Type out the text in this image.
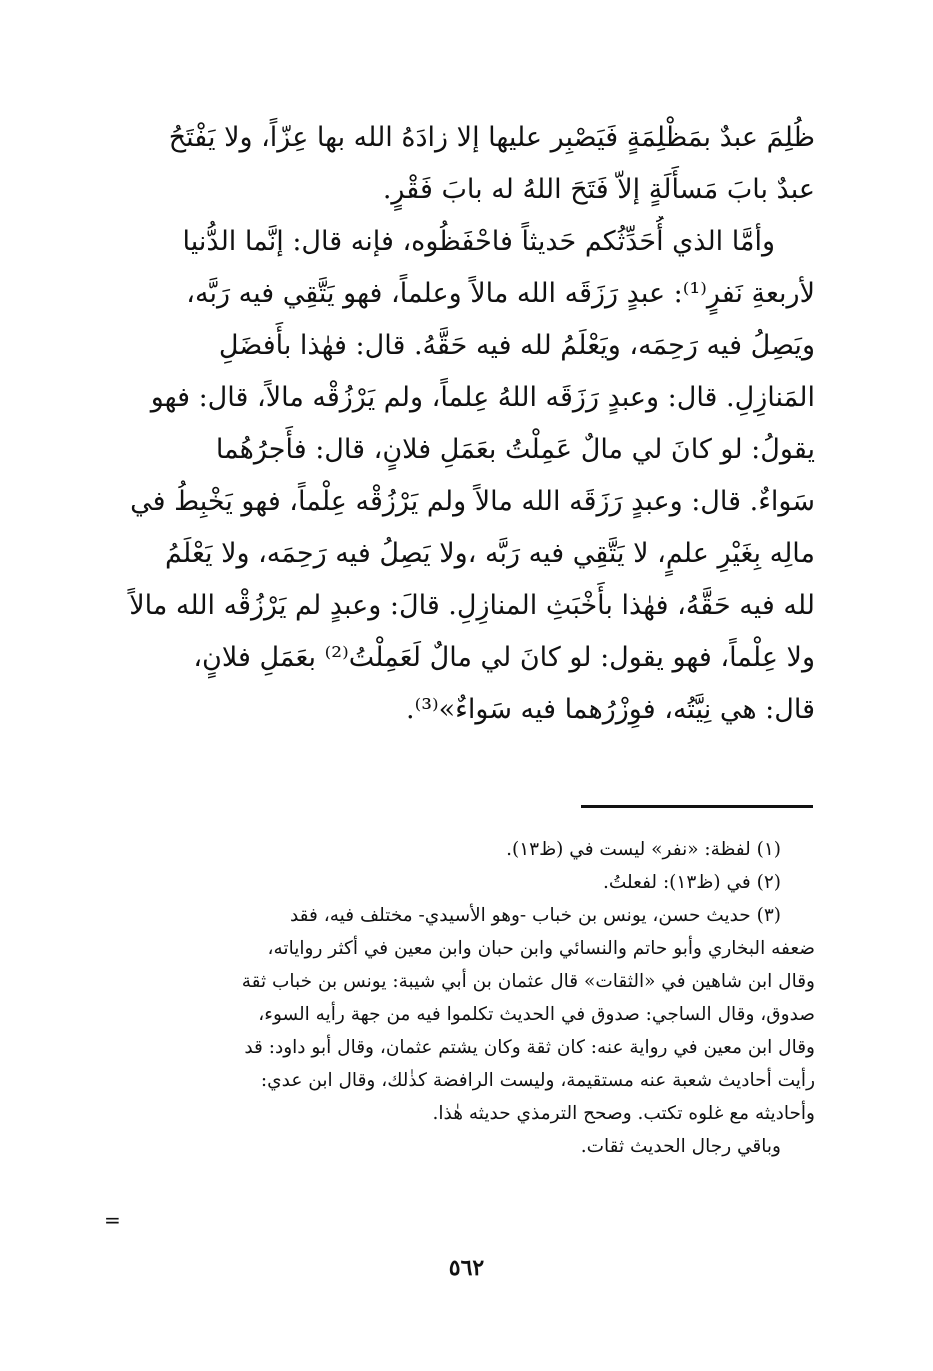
ظُلِمَ عبدٌ بمَظْلِمَةٍ فَيَصْبِر عليها إلا زادَهُ الله بها عِزّاً، ولا يَفْتَحُ
عبدٌ بابَ مَسأَلَةٍ إلاّ فَتَحَ اللهُ له بابَ فَقْرٍ.
وأمَّا الذي أُحَدِّثُكم حَديثاً فاحْفَظُوه، فإنه قال: إنَّما الدُّنيا
لأربعةِ نَفرٍ⁽¹⁾: عبدٍ رَزَقَه الله مالاً وعلماً، فهو يَتَّقِي فيه رَبَّه،
ويَصِلُ فيه رَحِمَه، ويَعْلَمُ لله فيه حَقَّهُ. قال: فهٰذا بأَفضَلِ
المَنازِلِ. قال: وعبدٍ رَزَقَه اللهُ عِلماً، ولم يَرْزُقْه مالاً، قال: فهو
يقولُ: لو كانَ لي مالٌ عَمِلْتُ بعَمَلِ فلانٍ، قال: فأَجرُهُما
سَواءٌ. قال: وعبدٍ رَزَقَه الله مالاً ولم يَرْزُقْه عِلْماً، فهو يَخْبِطُ في
مالِه بِغَيْرِ علمٍ، لا يَتَّقِي فيه رَبَّه ،ولا يَصِلُ فيه رَحِمَه، ولا يَعْلَمُ
لله فيه حَقَّهُ، فهٰذا بأَخْبَثِ المنازِلِ. قالَ: وعبدٍ لم يَرْزُقْه الله مالاً
ولا عِلْماً، فهو يقول: لو كانَ لي مالٌ لَعَمِلْتُ⁽²⁾ بعَمَلِ فلانٍ،
قال: هي نِيَّتُه، فوِزْرُهما فيه سَواءٌ»⁽³⁾.

(١) لفظة: «نفر» ليست في (ظ١٣).

(٢) في (ظ١٣): لفعلتُ.

(٣) حديث حسن، يونس بن خباب -وهو الأسيدي- مختلف فيه، فقد
ضعفه البخاري وأبو حاتم والنسائي وابن حبان وابن معين في أكثر رواياته،
وقال ابن شاهين في «الثقات» قال عثمان بن أبي شيبة: يونس بن خباب ثقة
صدوق، وقال الساجي: صدوق في الحديث تكلموا فيه من جهة رأيه السوء،
وقال ابن معين في رواية عنه: كان ثقة وكان يشتم عثمان، وقال أبو داود: قد
رأيت أحاديث شعبة عنه مستقيمة، وليست الرافضة كذٰلك، وقال ابن عدي:
وأحاديثه مع غلوه تكتب. وصحح الترمذي حديثه هٰذا.
وباقي رجال الحديث ثقات.
=
٥٦٢
